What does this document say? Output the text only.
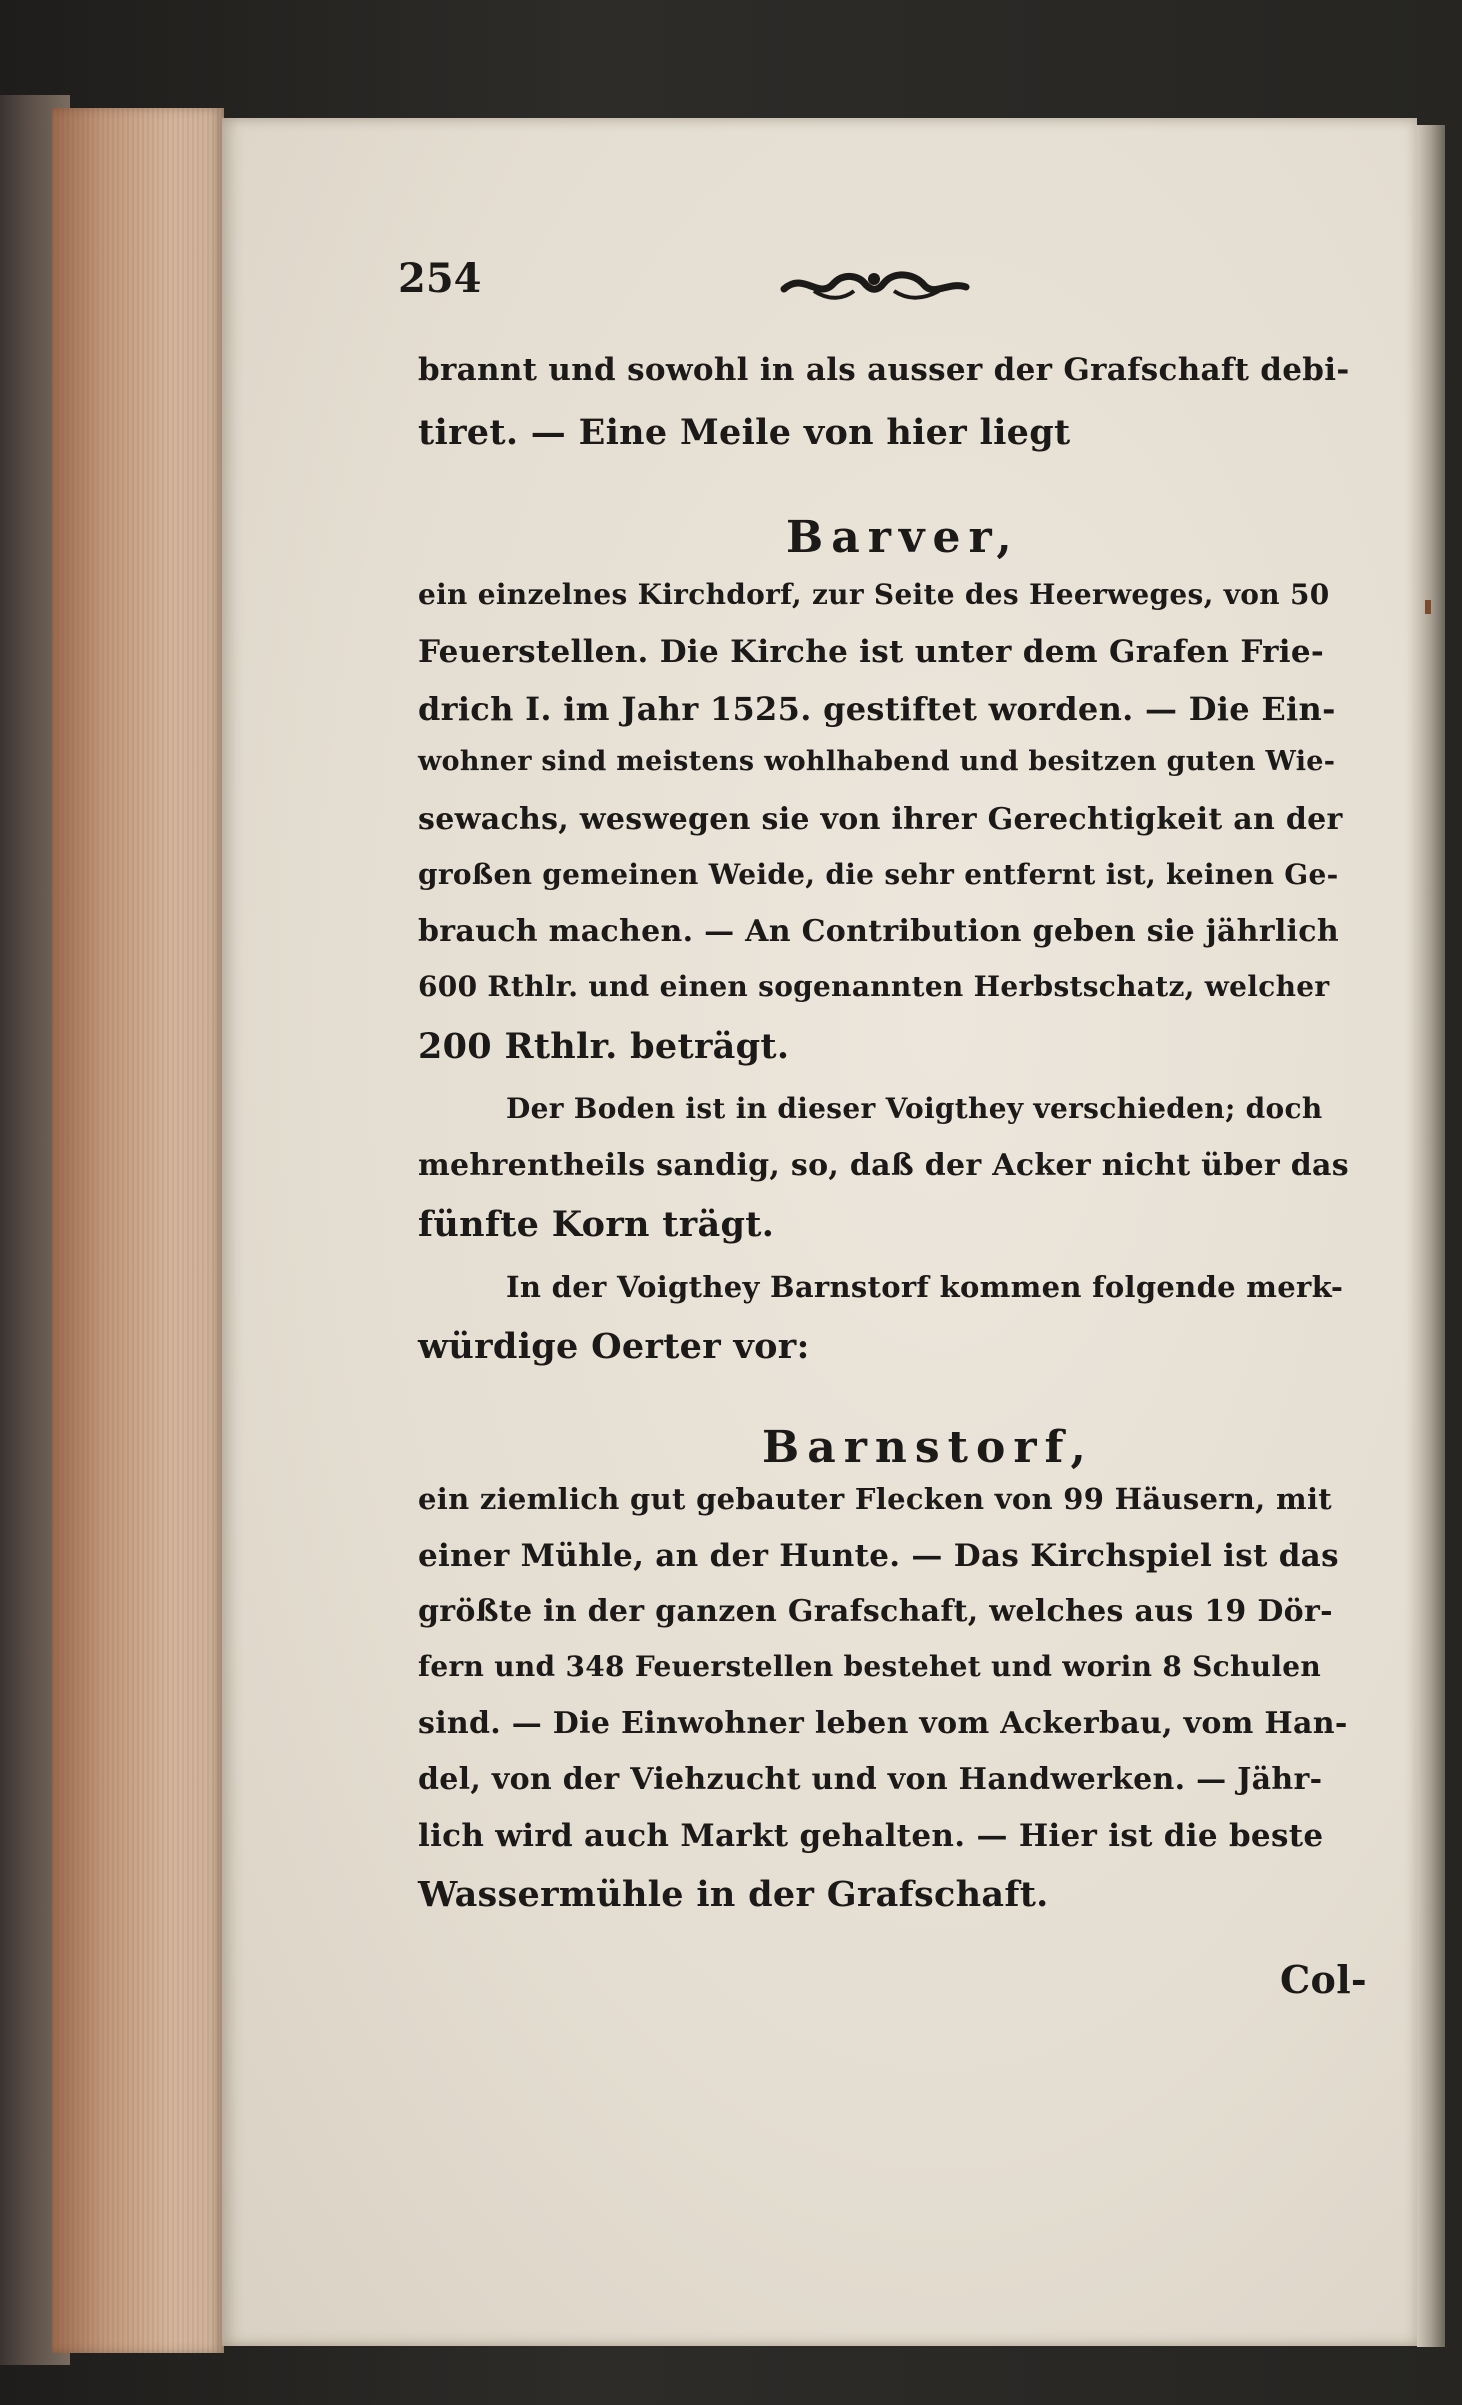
254
brannt und sowohl in als ausser der Grafschaft debi-
tiret. — Eine Meile von hier liegt
Barver,
ein einzelnes Kirchdorf, zur Seite des Heerweges, von 50
Feuerstellen. Die Kirche ist unter dem Grafen Frie-
drich I. im Jahr 1525. gestiftet worden. — Die Ein-
wohner sind meistens wohlhabend und besitzen guten Wie-
sewachs, weswegen sie von ihrer Gerechtigkeit an der
großen gemeinen Weide, die sehr entfernt ist, keinen Ge-
brauch machen. — An Contribution geben sie jährlich
600 Rthlr. und einen sogenannten Herbstschatz, welcher
200 Rthlr. beträgt.
Der Boden ist in dieser Voigthey verschieden; doch
mehrentheils sandig, so, daß der Acker nicht über das
fünfte Korn trägt.
In der Voigthey Barnstorf kommen folgende merk-
würdige Oerter vor:
Barnstorf,
ein ziemlich gut gebauter Flecken von 99 Häusern, mit
einer Mühle, an der Hunte. — Das Kirchspiel ist das
größte in der ganzen Grafschaft, welches aus 19 Dör-
fern und 348 Feuerstellen bestehet und worin 8 Schulen
sind. — Die Einwohner leben vom Ackerbau, vom Han-
del, von der Viehzucht und von Handwerken. — Jähr-
lich wird auch Markt gehalten. — Hier ist die beste
Wassermühle in der Grafschaft.
Col-
